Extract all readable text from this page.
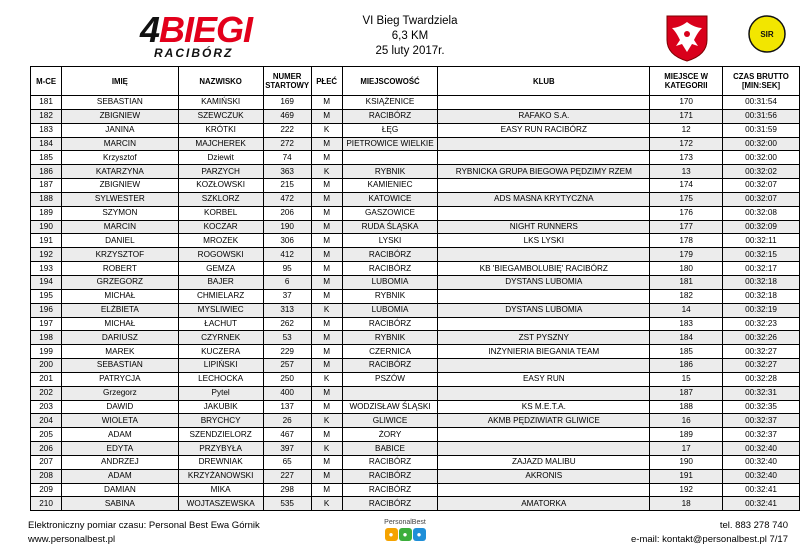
4BIEGI
RACIBÓRZ
VI Bieg Twardziela
6,3 KM
25 luty 2017r.
SIR
M-CE	IMIĘ	NAZWISKO	NUMER STARTOWY	PŁEĆ	MIEJSCOWOŚĆ	KLUB	MIEJSCE W KATEGORII	CZAS BRUTTO [MIN:SEK]
181	SEBASTIAN	KAMIŃSKI	169	M	KSIĄŻENICE		170	00:31:54
182	ZBIGNIEW	SZEWCZUK	469	M	RACIBÓRZ	RAFAKO S.A.	171	00:31:56
183	JANINA	KRÓTKI	222	K	ŁĘG	EASY RUN RACIBÓRZ	12	00:31:59
184	MARCIN	MAJCHEREK	272	M	PIETROWICE WIELKIE		172	00:32:00
185	Krzysztof	Dziewit	74	M			173	00:32:00
186	KATARZYNA	PARZYCH	363	K	RYBNIK	RYBNICKA GRUPA BIEGOWA PĘDZIMY RZEM	13	00:32:02
187	ZBIGNIEW	KOZŁOWSKI	215	M	KAMIENIEC		174	00:32:07
188	SYLWESTER	SZKLORZ	472	M	KATOWICE	ADS MASNA KRYTYCZNA	175	00:32:07
189	SZYMON	KORBEL	206	M	GASZOWICE		176	00:32:08
190	MARCIN	KOCZAR	190	M	RUDA ŚLĄSKA	NIGHT RUNNERS	177	00:32:09
191	DANIEL	MROZEK	306	M	LYSKI	LKS LYSKI	178	00:32:11
192	KRZYSZTOF	ROGOWSKI	412	M	RACIBÓRZ		179	00:32:15
193	ROBERT	GEMZA	95	M	RACIBÓRZ	KB 'BIEGAMBOLUBIĘ' RACIBÓRZ	180	00:32:17
194	GRZEGORZ	BAJER	6	M	LUBOMIA	DYSTANS LUBOMIA	181	00:32:18
195	MICHAŁ	CHMIELARZ	37	M	RYBNIK		182	00:32:18
196	ELŻBIETA	MYSLIWIEC	313	K	LUBOMIA	DYSTANS LUBOMIA	14	00:32:19
197	MICHAŁ	ŁACHUT	262	M	RACIBÓRZ		183	00:32:23
198	DARIUSZ	CZYRNEK	53	M	RYBNIK	ZST PYSZNY	184	00:32:26
199	MAREK	KUCZERA	229	M	CZERNICA	INŻYNIERIA BIEGANIA TEAM	185	00:32:27
200	SEBASTIAN	LIPIŃSKI	257	M	RACIBÓRZ		186	00:32:27
201	PATRYCJA	LECHOCKA	250	K	PSZÓW	EASY RUN	15	00:32:28
202	Grzegorz	Pytel	400	M			187	00:32:31
203	DAWID	JAKUBIK	137	M	WODZISŁAW ŚLĄSKI	KS M.E.T.A.	188	00:32:35
204	WIOLETA	BRYCHCY	26	K	GLIWICE	AKMB PĘDZIWIATR GLIWICE	16	00:32:37
205	ADAM	SZENDZIELORZ	467	M	ŻORY		189	00:32:37
206	EDYTA	PRZYBYŁA	397	K	BABICE		17	00:32:40
207	ANDRZEJ	DREWNIAK	65	M	RACIBÓRZ	ZAJAZD MALIBU	190	00:32:40
208	ADAM	KRZYŻANOWSKI	227	M	RACIBÓRZ	AKRONIS	191	00:32:40
209	DAMIAN	MIKA	298	M	RACIBÓRZ		192	00:32:41
210	SABINA	WOJTASZEWSKA	535	K	RACIBÓRZ	AMATORKA	18	00:32:41
Elektroniczny pomiar czasu: Personal Best Ewa Górnik
www.personalbest.pl
PersonalBest
●	●	●
tel. 883 278 740
e-mail: kontakt@personalbest.pl 7/17
